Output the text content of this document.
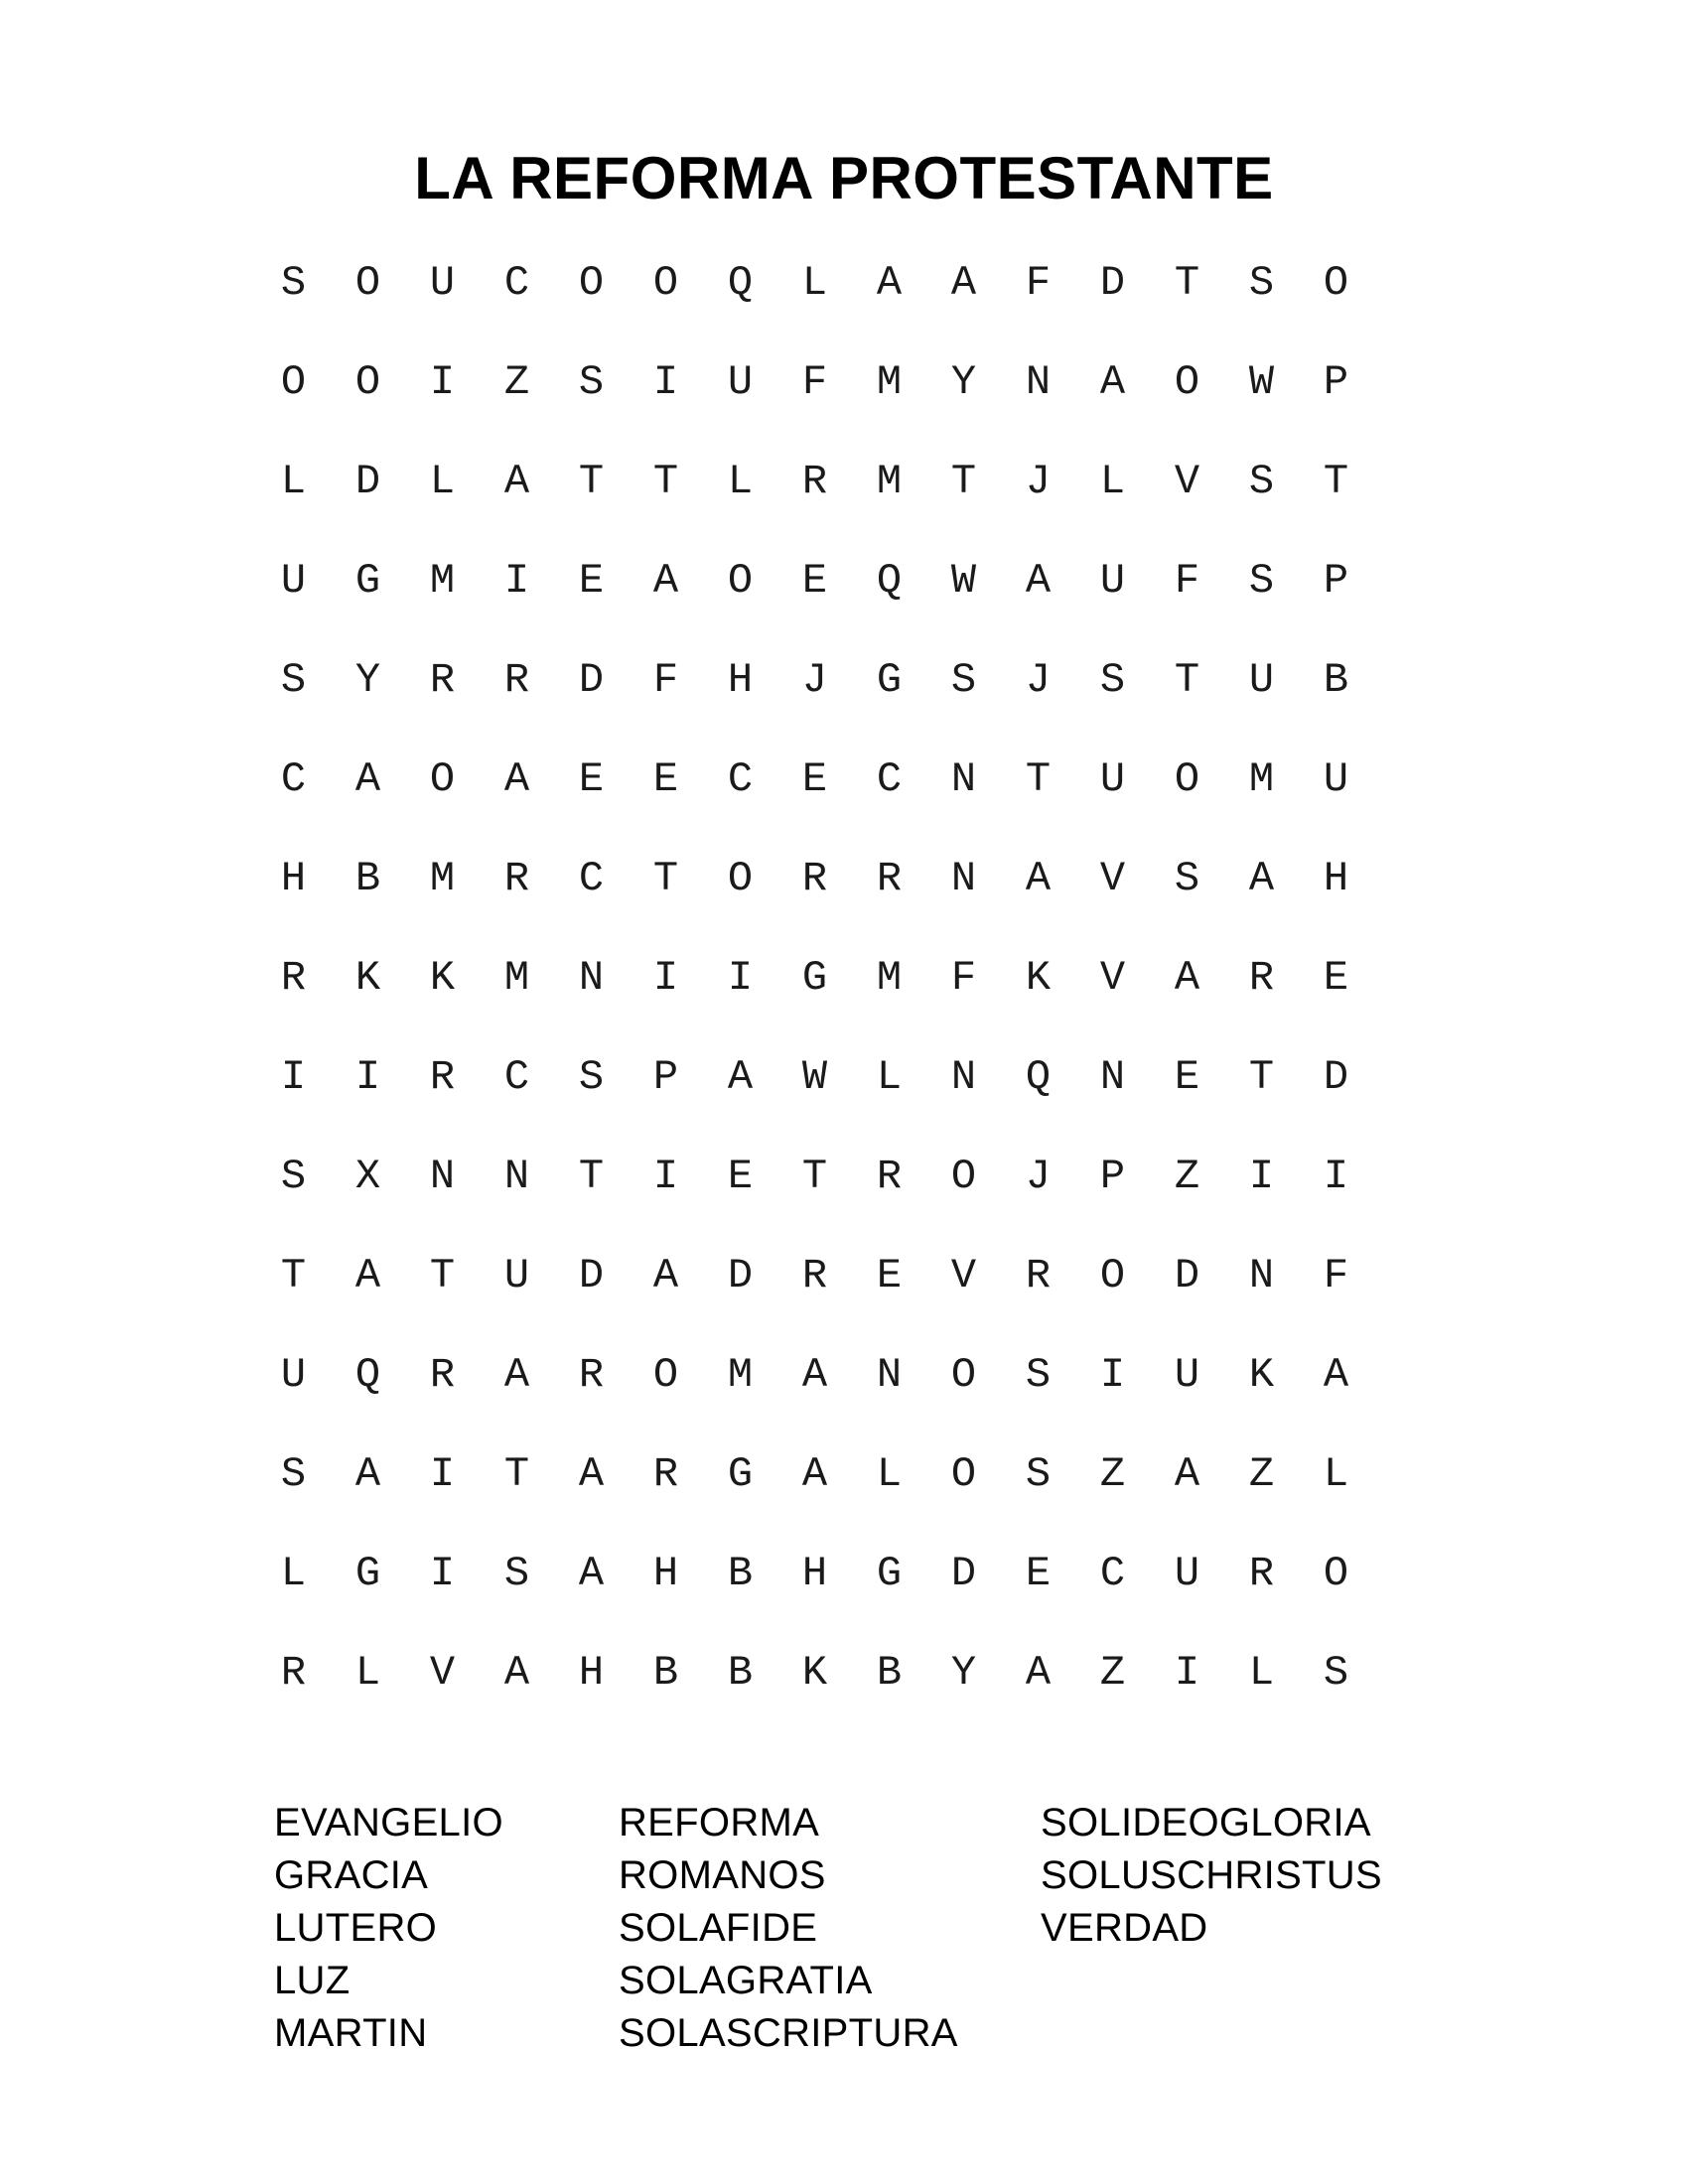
LA REFORMA PROTESTANTE
S	O	U	C	O	O	Q	L	A	A	F	D	T	S	O
O	O	I	Z	S	I	U	F	M	Y	N	A	O	W	P
L	D	L	A	T	T	L	R	M	T	J	L	V	S	T
U	G	M	I	E	A	O	E	Q	W	A	U	F	S	P
S	Y	R	R	D	F	H	J	G	S	J	S	T	U	B
C	A	O	A	E	E	C	E	C	N	T	U	O	M	U
H	B	M	R	C	T	O	R	R	N	A	V	S	A	H
R	K	K	M	N	I	I	G	M	F	K	V	A	R	E
I	I	R	C	S	P	A	W	L	N	Q	N	E	T	D
S	X	N	N	T	I	E	T	R	O	J	P	Z	I	I
T	A	T	U	D	A	D	R	E	V	R	O	D	N	F
U	Q	R	A	R	O	M	A	N	O	S	I	U	K	A
S	A	I	T	A	R	G	A	L	O	S	Z	A	Z	L
L	G	I	S	A	H	B	H	G	D	E	C	U	R	O
R	L	V	A	H	B	B	K	B	Y	A	Z	I	L	S
EVANGELIO
GRACIA
LUTERO
LUZ
MARTIN
REFORMA
ROMANOS
SOLAFIDE
SOLAGRATIA
SOLASCRIPTURA
SOLIDEOGLORIA
SOLUSCHRISTUS
VERDAD
